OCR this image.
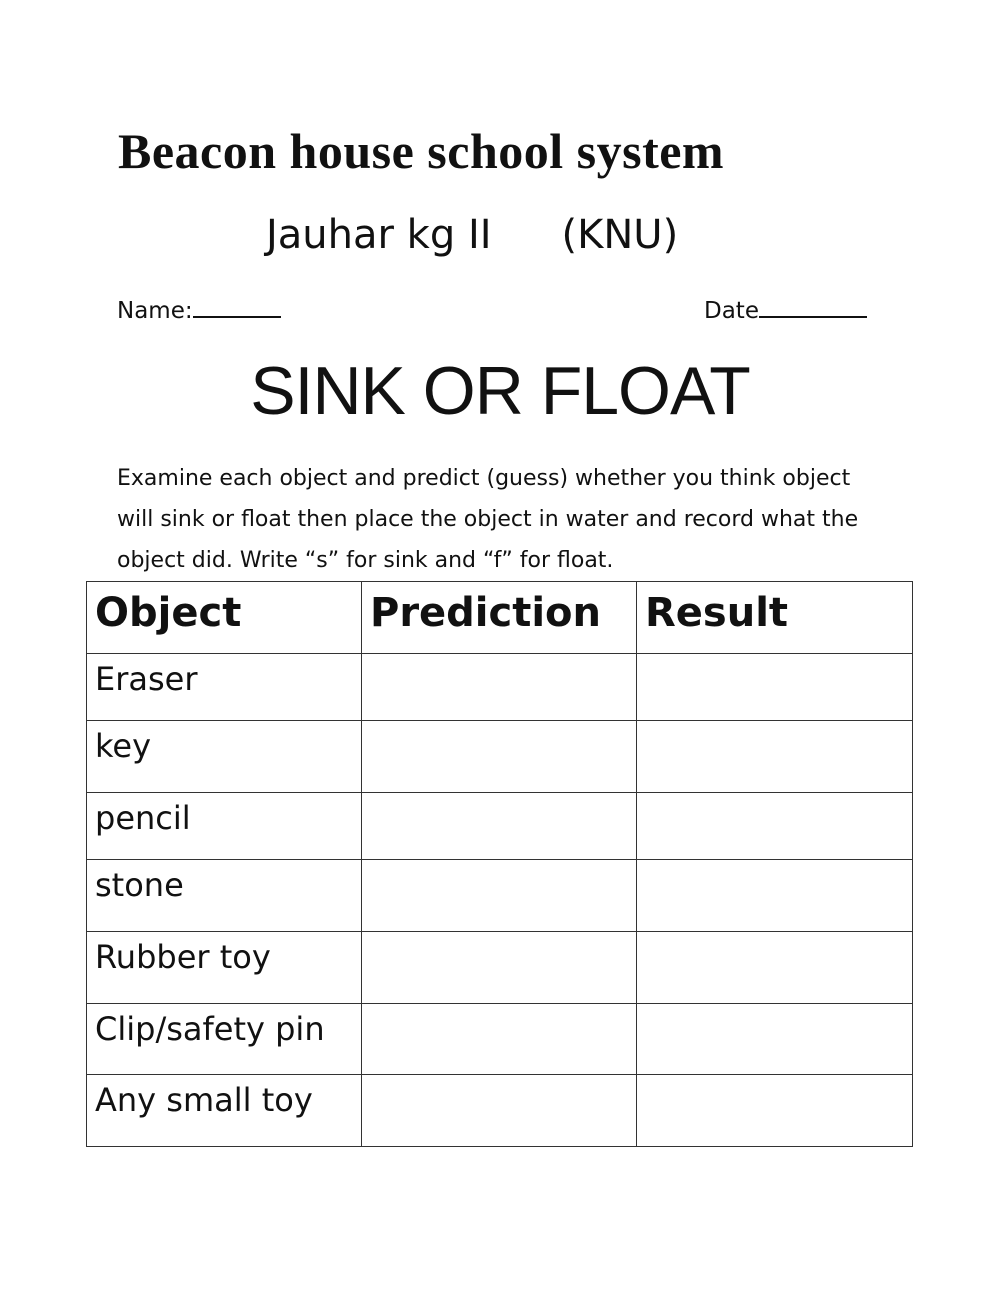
Beacon house school system
Jauhar kg II (KNU)
Name:	Date
SINK OR FLOAT

Examine each object and predict (guess) whether you think object will sink or float then place the object in water and record what the object did. Write “s” for sink and “f” for float.

Object	Prediction	Result
Eraser		
key		
pencil		
stone		
Rubber toy		
Clip/safety pin		
Any small toy		
